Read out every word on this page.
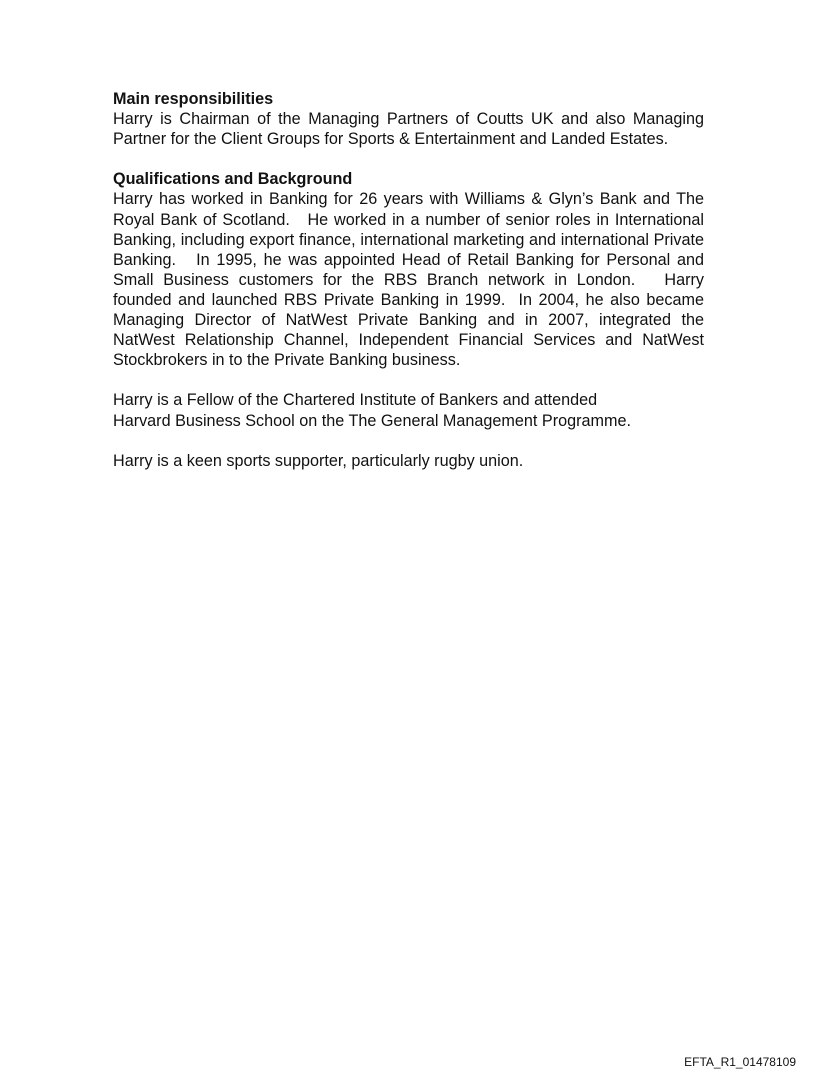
Main responsibilities

Harry is Chairman of the Managing Partners of Coutts UK and also Managing Partner for the Client Groups for Sports & Entertainment and Landed Estates.

Qualifications and Background

Harry has worked in Banking for 26 years with Williams & Glyn’s Bank and The Royal Bank of Scotland.   He worked in a number of senior roles in International Banking, including export finance, international marketing and international Private Banking.   In 1995, he was appointed Head of Retail Banking for Personal and Small Business customers for the RBS Branch network in London.   Harry founded and launched RBS Private Banking in 1999.  In 2004, he also became Managing Director of NatWest Private Banking and in 2007, integrated the NatWest Relationship Channel, Independent Financial Services and NatWest Stockbrokers in to the Private Banking business.

Harry is a Fellow of the Chartered Institute of Bankers and attended
Harvard Business School on the The General Management Programme.

Harry is a keen sports supporter, particularly rugby union.

EFTA_R1_01478109
